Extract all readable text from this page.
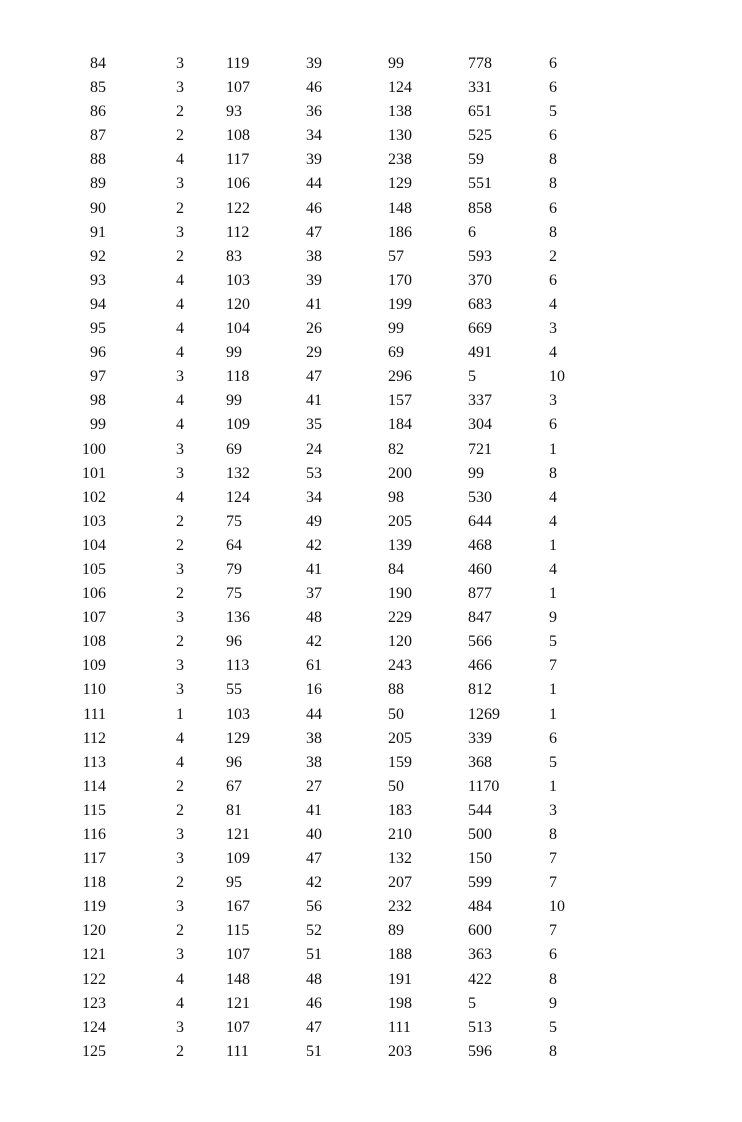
84	3	119	39	99	778	6
85	3	107	46	124	331	6
86	2	93	36	138	651	5
87	2	108	34	130	525	6
88	4	117	39	238	59	8
89	3	106	44	129	551	8
90	2	122	46	148	858	6
91	3	112	47	186	6	8
92	2	83	38	57	593	2
93	4	103	39	170	370	6
94	4	120	41	199	683	4
95	4	104	26	99	669	3
96	4	99	29	69	491	4
97	3	118	47	296	5	10
98	4	99	41	157	337	3
99	4	109	35	184	304	6
100	3	69	24	82	721	1
101	3	132	53	200	99	8
102	4	124	34	98	530	4
103	2	75	49	205	644	4
104	2	64	42	139	468	1
105	3	79	41	84	460	4
106	2	75	37	190	877	1
107	3	136	48	229	847	9
108	2	96	42	120	566	5
109	3	113	61	243	466	7
110	3	55	16	88	812	1
111	1	103	44	50	1269	1
112	4	129	38	205	339	6
113	4	96	38	159	368	5
114	2	67	27	50	1170	1
115	2	81	41	183	544	3
116	3	121	40	210	500	8
117	3	109	47	132	150	7
118	2	95	42	207	599	7
119	3	167	56	232	484	10
120	2	115	52	89	600	7
121	3	107	51	188	363	6
122	4	148	48	191	422	8
123	4	121	46	198	5	9
124	3	107	47	111	513	5
125	2	111	51	203	596	8
